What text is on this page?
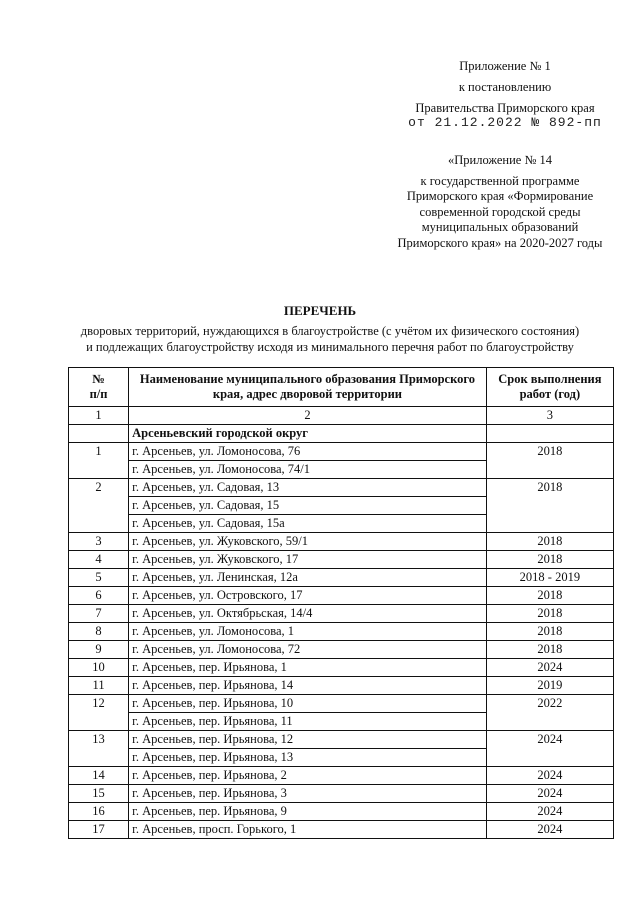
Приложение № 1
к постановлению
Правительства Приморского края
от 21.12.2022 № 892-пп
«Приложение № 14
к государственной программе
Приморского края «Формирование
современной городской среды
муниципальных образований
Приморского края» на 2020-2027 годы
ПЕРЕЧЕНЬ
дворовых территорий, нуждающихся в благоустройстве (с учётом их физического состояния)
и подлежащих благоустройству исходя из минимального перечня работ по благоустройству
№
п/п	Наименование муниципального образования Приморского края, адрес дворовой территории	Срок выполнения
работ (год)
1	2	3
	Арсеньевский городской округ	
1	г. Арсеньев, ул. Ломоносова, 76	2018
	г. Арсеньев, ул. Ломоносова, 74/1	
2	г. Арсеньев, ул. Садовая, 13	2018
	г. Арсеньев, ул. Садовая, 15	
	г. Арсеньев, ул. Садовая, 15а	
3	г. Арсеньев, ул. Жуковского, 59/1	2018
4	г. Арсеньев, ул. Жуковского, 17	2018
5	г. Арсеньев, ул. Ленинская, 12а	2018 - 2019
6	г. Арсеньев, ул. Островского, 17	2018
7	г. Арсеньев, ул. Октябрьская, 14/4	2018
8	г. Арсеньев, ул. Ломоносова, 1	2018
9	г. Арсеньев, ул. Ломоносова, 72	2018
10	г. Арсеньев, пер. Ирьянова, 1	2024
11	г. Арсеньев, пер. Ирьянова, 14	2019
12	г. Арсеньев, пер. Ирьянова, 10	2022
	г. Арсеньев, пер. Ирьянова, 11	
13	г. Арсеньев, пер. Ирьянова, 12	2024
	г. Арсеньев, пер. Ирьянова, 13	
14	г. Арсеньев, пер. Ирьянова, 2	2024
15	г. Арсеньев, пер. Ирьянова, 3	2024
16	г. Арсеньев, пер. Ирьянова, 9	2024
17	г. Арсеньев, просп. Горького, 1	2024
